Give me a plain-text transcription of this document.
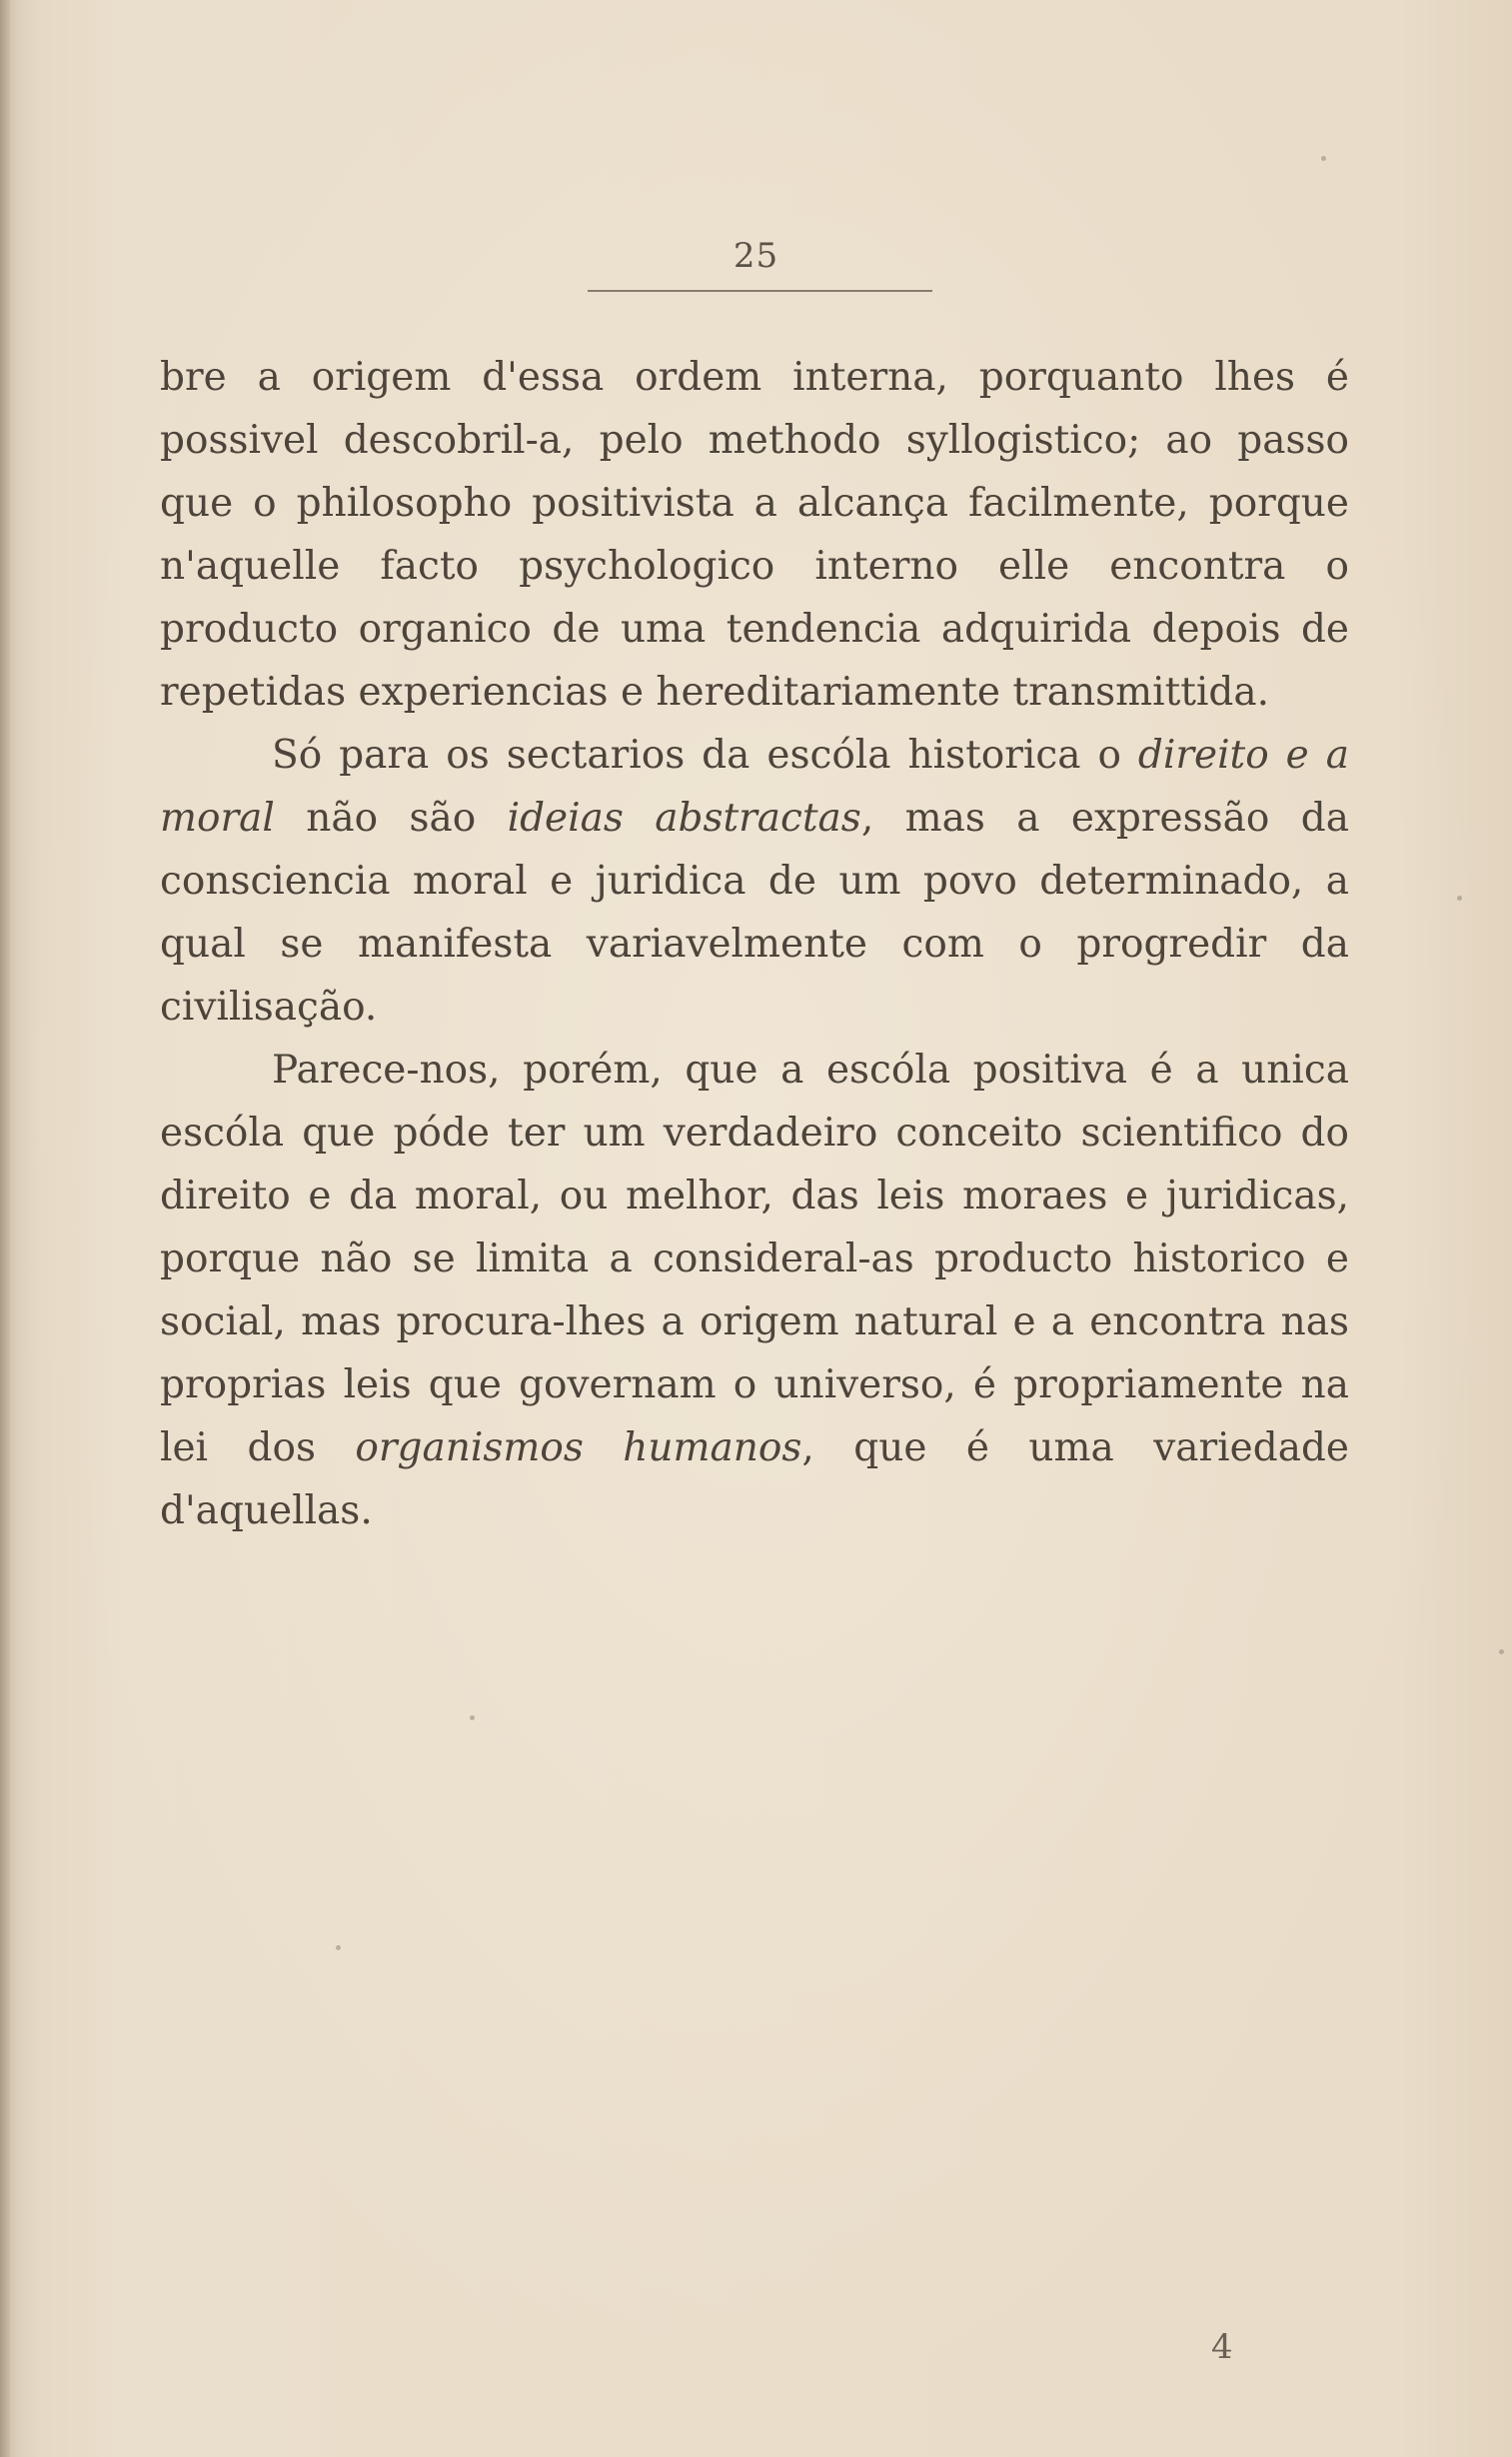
25

bre a origem d'essa ordem interna, porquanto lhes é possivel descobril-a, pelo methodo syllogistico; ao passo que o philosopho positivista a alcança facilmente, porque n'aquelle facto psychologico interno elle encontra o producto organico de uma tendencia adquirida depois de repetidas experiencias e hereditariamente transmittida.

Só para os sectarios da escóla historica o direito e a moral não são ideias abstractas, mas a expressão da consciencia moral e juridica de um povo determinado, a qual se manifesta variavelmente com o progredir da civilisação.

Parece-nos, porém, que a escóla positiva é a unica escóla que póde ter um verdadeiro conceito scientifico do direito e da moral, ou melhor, das leis moraes e juridicas, porque não se limita a consideral-as producto historico e social, mas procura-lhes a origem natural e a encontra nas proprias leis que governam o universo, é propriamente na lei dos organismos humanos, que é uma variedade d'aquellas.

4
